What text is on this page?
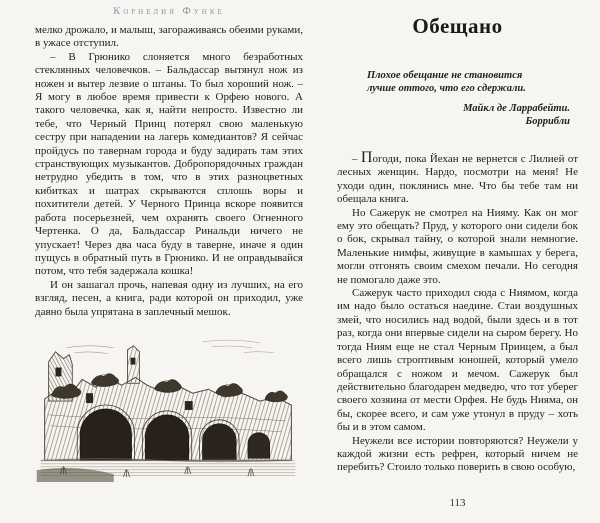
Корнелия Функе

мелко дрожало, и малыш, загораживаясь обеими руками, в ужасе отступил.

– В Грюнико слоняется много безработных стеклянных человечков. – Бальдассар вытянул нож из ножен и вытер лезвие о штаны. То был хороший нож. – Я могу в любое время привести к Орфею нового. А такого человечка, как я, найти непросто. Известно ли тебе, что Черный Принц потерял свою маленькую сестру при нападении на лагерь комедиантов? Я сейчас пройдусь по тавернам города и буду задирать там этих странствующих музыкантов. Добропорядочных граждан нетрудно убедить в том, что в этих разноцветных кибитках и шатрах скрываются сплошь воры и похитители детей. У Черного Принца вскоре появится работа посерьезней, чем охранять своего Огненного Чертенка. О да, Бальдассар Ринальди ничего не упускает! Через два часа буду в таверне, иначе я один пущусь в обратный путь в Грюнико. И не оправдывайся потом, что тебя задержала кошка!

И он зашагал прочь, напевая одну из лучших, на его взгляд, песен, а книга, ради которой он приходил, уже давно была упрятана в заплечный мешок.

Обещано

Плохое обещание не становится

лучше оттого, что его сдержали.

Майкл де Ларрабейти.

Боррибли

– Погоди, пока Йехан не вернется с Лилией от лесных женщин. Нардо, посмотри на меня! Не уходи один, поклянись мне. Что бы тебе там ни обещала книга.

Но Сажерук не смотрел на Нияму. Как он мог ему это обещать? Пруд, у которого они сидели бок о бок, скрывал тайну, о которой знали немногие. Маленькие нимфы, живущие в камышах у берега, могли отгонять своим смехом печали. Но сегодня не помогало даже это.

Сажерук часто приходил сюда с Ниямом, когда им надо было остаться наедине. Стаи воздушных змей, что носились над водой, были здесь и в тот раз, когда они впервые сидели на сыром берегу. Но тогда Ниям еще не стал Черным Принцем, а был всего лишь строптивым юношей, который умело обращался с ножом и мечом. Сажерук был действительно благодарен медведю, что тот уберег своего хозяина от мести Орфея. Не будь Нияма, он бы, скорее всего, и сам уже утонул в пруду – хоть бы и в этом самом.

Неужели все истории повторяются? Неужели у каждой жизни есть рефрен, который ничем не перебить? Стоило только поверить в свою особую,

113
